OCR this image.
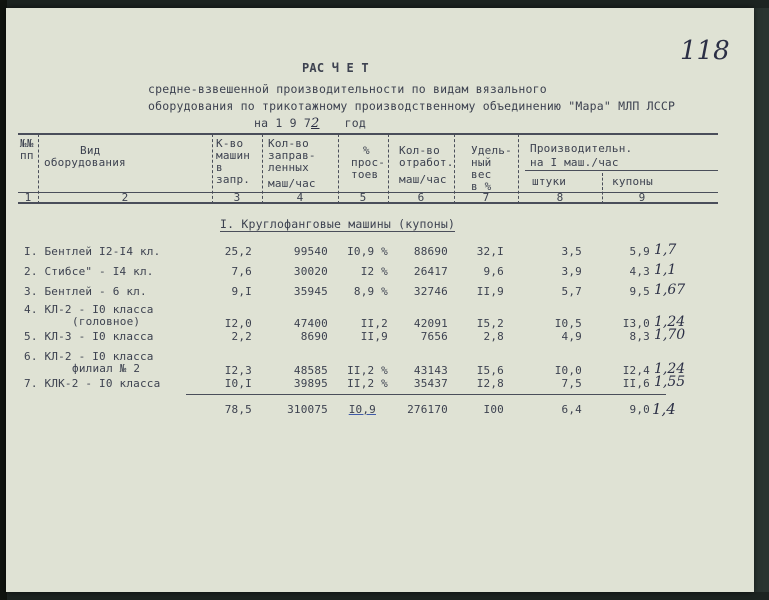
118
РАС Ч Е Т
средне-взвешенной производительности по видам вязального
оборудования по трикотажному производственному объединению "Мара" МЛП ЛССР
на 1 9 72 год
№№
пп	Вид
оборудования
К-во
машин
в
запр.
Кол-во
заправ-
ленных
маш/час
%
прос-
тоев
Кол-во
отработ.
маш/час
Удель-
ный
вес
в %
Производительн.
на I маш./час
штуки	купоны
1	2	3	4	5	6	7	8	9
I. Круглофанговые машины (купоны)
I. Бентлей I2-I4 кл.	25,2	99540	I0,9 %	88690	32,I	3,5	5,9 1,7
2. Стибсе" - I4 кл.	7,6	30020	I2 %	26417	9,6	3,9	4,3 1,1
3. Бентлей - 6 кл.	9,I	35945	8,9 %	32746	II,9	5,7	9,5 1,67
4. КЛ-2 - I0 класса
(головное)	I2,0	47400	II,2	42091	I5,2	I0,5	I3,0 1,24
5. КЛ-3 - I0 класса	2,2	8690	II,9	7656	2,8	4,9	8,3 1,70
6. КЛ-2 - I0 класса
филиал № 2	I2,3	48585	II,2 %	43143	I5,6	I0,0	I2,4 1,24
7. КЛК-2 - I0 класса	I0,I	39895	II,2 %	35437	I2,8	7,5	II,6 1,55
78,5	310075	I0,9	276170	I00	6,4	9,0 1,4
